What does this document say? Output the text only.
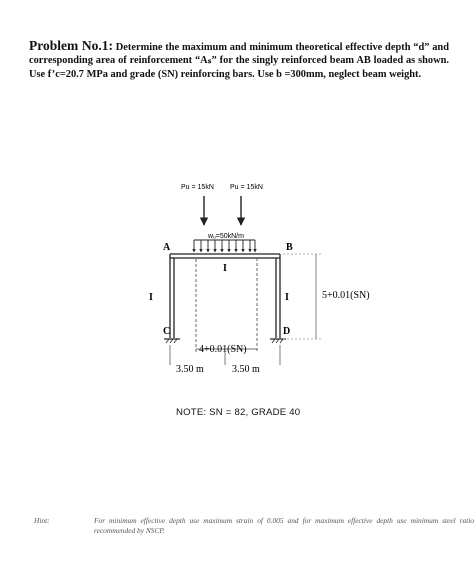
Problem No.1: Determine the maximum and minimum theoretical effective depth “d” and corresponding area of reinforcement “Aₛ” for the singly reinforced beam AB loaded as shown. Use f’c=20.7 MPa and grade (SN) reinforcing bars. Use b =300mm, neglect beam weight.
Pu = 15kN Pu = 15kN
wᵤ=50kN/m
A	B
C	D
I
I	I	5+0.01(SN)
4+0.01(SN)
3.50 m	3.50 m
NOTE: SN = 82, GRADE 40
Hint:	For minimum effective depth use maximum strain of 0.005 and for maximum effective depth use minimum steel ratio recommended by NSCP.
